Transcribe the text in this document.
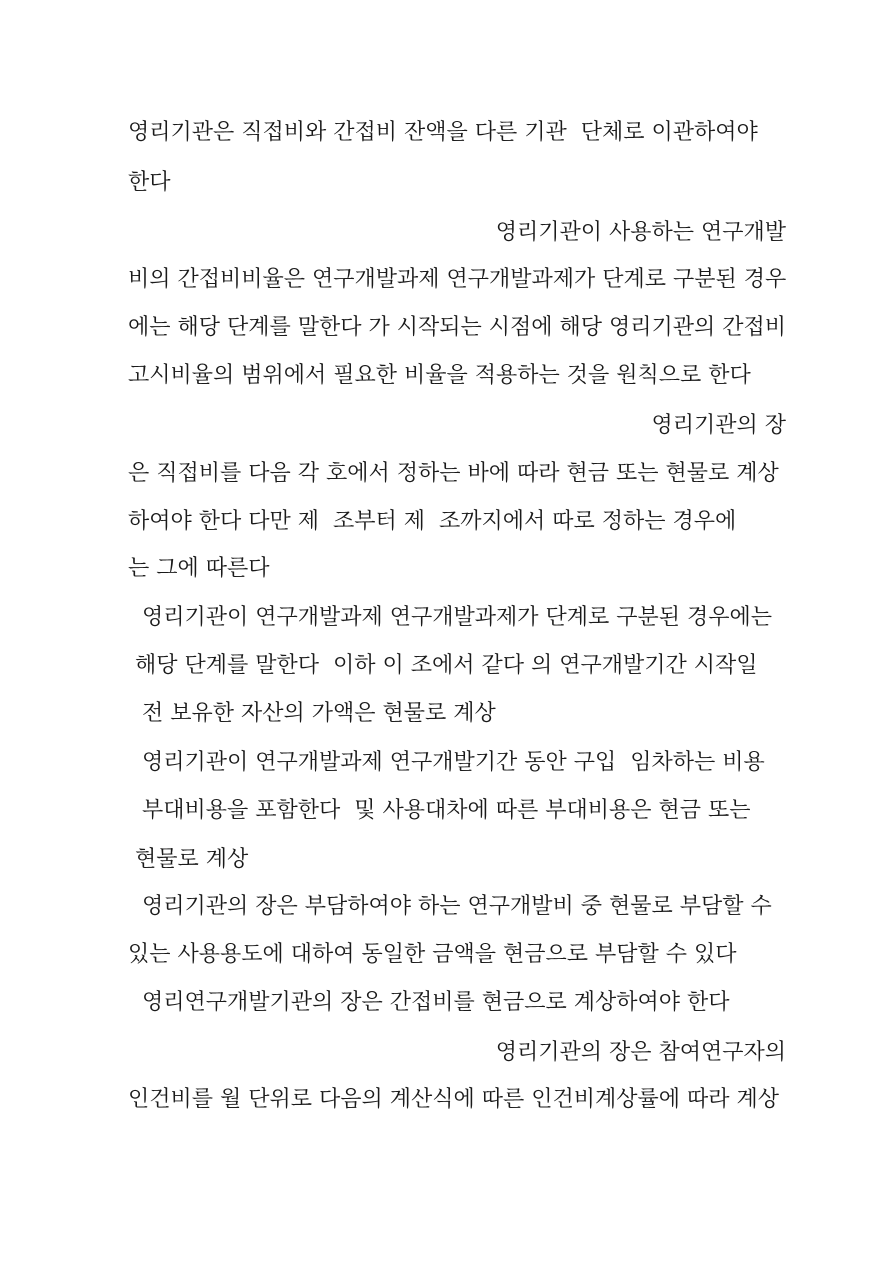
영리기관은 직접비와 간접비 잔액을 다른 기관  단체로 이관하여야

한다

영리기관이 사용하는 연구개발

비의 간접비비율은 연구개발과제 연구개발과제가 단계로 구분된 경우

에는 해당 단계를 말한다 가 시작되는 시점에 해당 영리기관의 간접비

고시비율의 범위에서 필요한 비율을 적용하는 것을 원칙으로 한다

영리기관의 장

은 직접비를 다음 각 호에서 정하는 바에 따라 현금 또는 현물로 계상

하여야 한다 다만 제  조부터 제  조까지에서 따로 정하는 경우에

는 그에 따른다

영리기관이 연구개발과제 연구개발과제가 단계로 구분된 경우에는

해당 단계를 말한다  이하 이 조에서 같다 의 연구개발기간 시작일

전 보유한 자산의 가액은 현물로 계상

영리기관이 연구개발과제 연구개발기간 동안 구입  임차하는 비용

부대비용을 포함한다  및 사용대차에 따른 부대비용은 현금 또는

현물로 계상

영리기관의 장은 부담하여야 하는 연구개발비 중 현물로 부담할 수

있는 사용용도에 대하여 동일한 금액을 현금으로 부담할 수 있다

영리연구개발기관의 장은 간접비를 현금으로 계상하여야 한다

영리기관의 장은 참여연구자의

인건비를 월 단위로 다음의 계산식에 따른 인건비계상률에 따라 계상
